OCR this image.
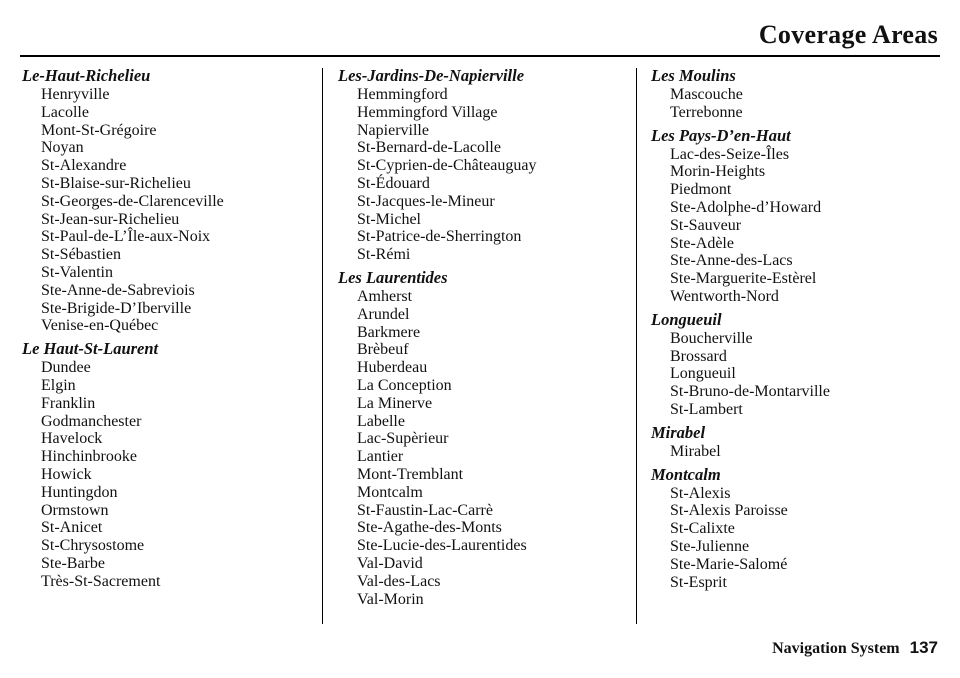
Coverage Areas
Le-Haut-Richelieu
Henryville
Lacolle
Mont-St-Grégoire
Noyan
St-Alexandre
St-Blaise-sur-Richelieu
St-Georges-de-Clarenceville
St-Jean-sur-Richelieu
St-Paul-de-L’Île-aux-Noix
St-Sébastien
St-Valentin
Ste-Anne-de-Sabreviois
Ste-Brigide-D’Iberville
Venise-en-Québec
Le Haut-St-Laurent
Dundee
Elgin
Franklin
Godmanchester
Havelock
Hinchinbrooke
Howick
Huntingdon
Ormstown
St-Anicet
St-Chrysostome
Ste-Barbe
Très-St-Sacrement
Les-Jardins-De-Napierville
Hemmingford
Hemmingford Village
Napierville
St-Bernard-de-Lacolle
St-Cyprien-de-Châteauguay
St-Édouard
St-Jacques-le-Mineur
St-Michel
St-Patrice-de-Sherrington
St-Rémi
Les Laurentides
Amherst
Arundel
Barkmere
Brèbeuf
Huberdeau
La Conception
La Minerve
Labelle
Lac-Supèrieur
Lantier
Mont-Tremblant
Montcalm
St-Faustin-Lac-Carrè
Ste-Agathe-des-Monts
Ste-Lucie-des-Laurentides
Val-David
Val-des-Lacs
Val-Morin
Les Moulins
Mascouche
Terrebonne
Les Pays-D’en-Haut
Lac-des-Seize-Îles
Morin-Heights
Piedmont
Ste-Adolphe-d’Howard
St-Sauveur
Ste-Adèle
Ste-Anne-des-Lacs
Ste-Marguerite-Estèrel
Wentworth-Nord
Longueuil
Boucherville
Brossard
Longueuil
St-Bruno-de-Montarville
St-Lambert
Mirabel
Mirabel
Montcalm
St-Alexis
St-Alexis Paroisse
St-Calixte
Ste-Julienne
Ste-Marie-Salomé
St-Esprit
Navigation System 137
